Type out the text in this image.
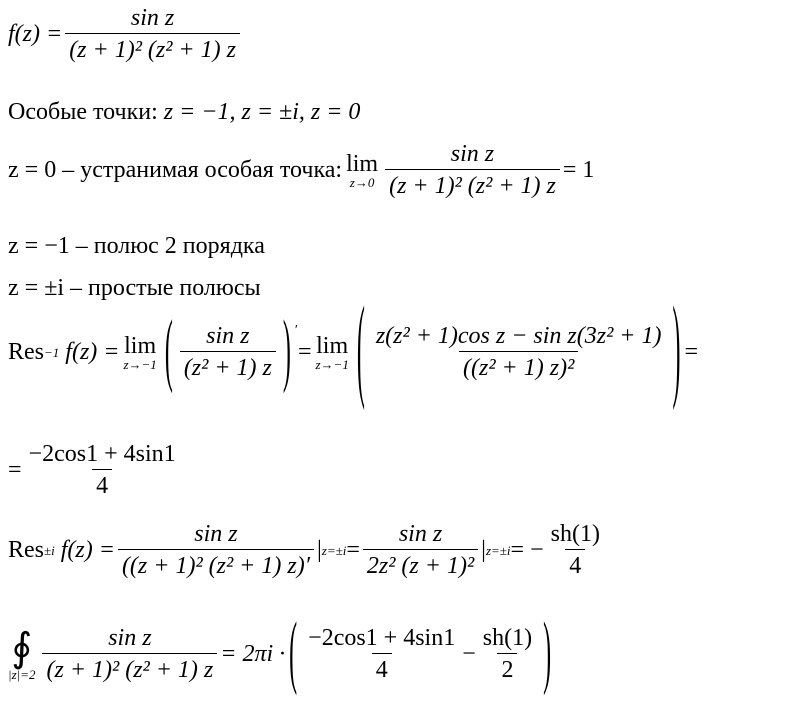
$f(z) = \frac{\text{sin z}}{\text{(z + 1)² (z² + 1) z}}$
Особые точки: z = −1, z = ±i, z = 0
z = 0 – устранимая особая точка: lim
$z\to 0 \frac{\text{sin z}}{\text{(z + 1)² (z² + 1) z}} = 1$
z = −1 – полюс 2 порядка
z = ±i – простые полюсы
Res −1 f(z) = lim
z→−1 ( $\frac{\text{sin z}}{\text{(z² + 1) z}}$ ) ′
= lim
z→−1 ( $\frac{\text{z(z² + 1)cos z − sin z(3z² + 1)}}{\text{((z² + 1) z)²}}$ ) =
= $\frac{-2\cos 1 + 4\sin 1}{4}$
Res ±i $f(z) = \frac{\text{sin z}}{\text{((z + 1)² (z² + 1) z)′}}$ | $z=\pm i = \frac{\text{sin z}}{\text{2z² (z + 1)²}}$ | z=±i = − $\frac{sh(1)}{4}$
∮
$|z|=2 \frac{\text{sin z}}{\text{(z + 1)² (z² + 1) z}} = 2\pi i$ · ( $\frac{-2\cos 1 + 4\sin 1}{4} - \frac{sh(1)}{2}$ )
